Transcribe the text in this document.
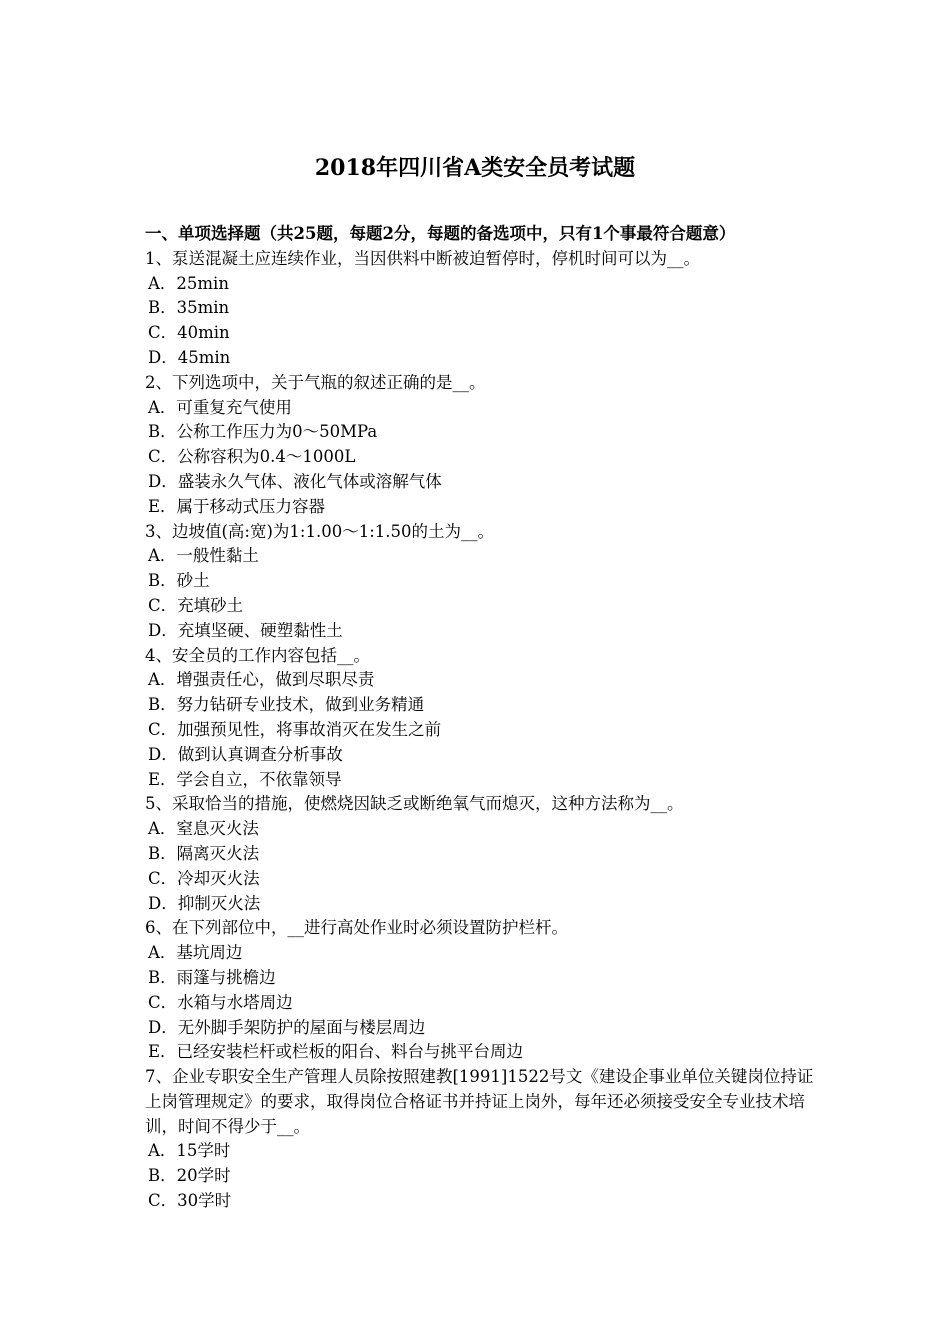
2018年四川省A类安全员考试题

一、单项选择题（共25题，每题2分，每题的备选项中，只有1个事最符合题意）

1、泵送混凝土应连续作业，当因供料中断被迫暂停时，停机时间可以为__。

A．25min

B．35min

C．40min

D．45min

2、下列选项中，关于气瓶的叙述正确的是__。

A．可重复充气使用

B．公称工作压力为0～50MPa

C．公称容积为0.4～1000L

D．盛装永久气体、液化气体或溶解气体

E．属于移动式压力容器

3、边坡值(高:宽)为1:1.00～1:1.50的土为__。

A．一般性黏土

B．砂土

C．充填砂土

D．充填坚硬、硬塑黏性土

4、安全员的工作内容包括__。

A．增强责任心，做到尽职尽责

B．努力钻研专业技术，做到业务精通

C．加强预见性，将事故消灭在发生之前

D．做到认真调查分析事故

E．学会自立，不依靠领导

5、采取恰当的措施，使燃烧因缺乏或断绝氧气而熄灭，这种方法称为__。

A．窒息灭火法

B．隔离灭火法

C．冷却灭火法

D．抑制灭火法

6、在下列部位中，__进行高处作业时必须设置防护栏杆。

A．基坑周边

B．雨篷与挑檐边

C．水箱与水塔周边

D．无外脚手架防护的屋面与楼层周边

E．已经安装栏杆或栏板的阳台、料台与挑平台周边

7、企业专职安全生产管理人员除按照建教[1991]1522号文《建设企事业单位关键岗位持证上岗管理规定》的要求，取得岗位合格证书并持证上岗外，每年还必须接受安全专业技术培训，时间不得少于__。

A．15学时

B．20学时

C．30学时
